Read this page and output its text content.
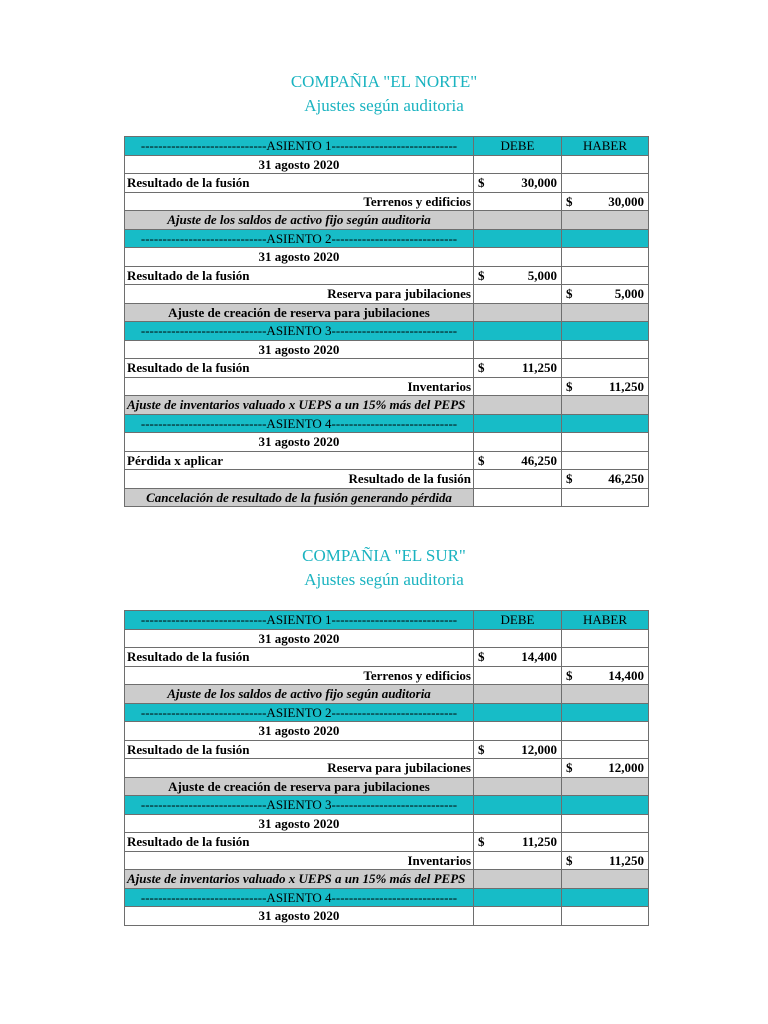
COMPAÑIA "EL NORTE"
Ajustes según auditoria
-----------------------------ASIENTO 1-----------------------------	DEBE	HABER
31 agosto 2020		
Resultado de la fusión	$ 30,000	

Terrenos y edificios		$ 30,000

Ajuste de los saldos de activo fijo según auditoria		
-----------------------------ASIENTO 2-----------------------------		
31 agosto 2020		
Resultado de la fusión	$ 5,000	

Reserva para jubilaciones		$ 5,000

Ajuste de creación de reserva para jubilaciones		
-----------------------------ASIENTO 3-----------------------------		
31 agosto 2020		
Resultado de la fusión	$ 11,250	

Inventarios		$ 11,250

Ajuste de inventarios valuado x UEPS a un 15% más del PEPS		
-----------------------------ASIENTO 4-----------------------------		
31 agosto 2020		
Pérdida x aplicar	$ 46,250	

Resultado de la fusión		$ 46,250

Cancelación de resultado de la fusión generando pérdida		
COMPAÑIA "EL SUR"
Ajustes según auditoria
-----------------------------ASIENTO 1-----------------------------	DEBE	HABER
31 agosto 2020		
Resultado de la fusión	$ 14,400	

Terrenos y edificios		$ 14,400

Ajuste de los saldos de activo fijo según auditoria		
-----------------------------ASIENTO 2-----------------------------		
31 agosto 2020		
Resultado de la fusión	$ 12,000	

Reserva para jubilaciones		$ 12,000

Ajuste de creación de reserva para jubilaciones		
-----------------------------ASIENTO 3-----------------------------		
31 agosto 2020		
Resultado de la fusión	$ 11,250	

Inventarios		$ 11,250

Ajuste de inventarios valuado x UEPS a un 15% más del PEPS		
-----------------------------ASIENTO 4-----------------------------		
31 agosto 2020		
